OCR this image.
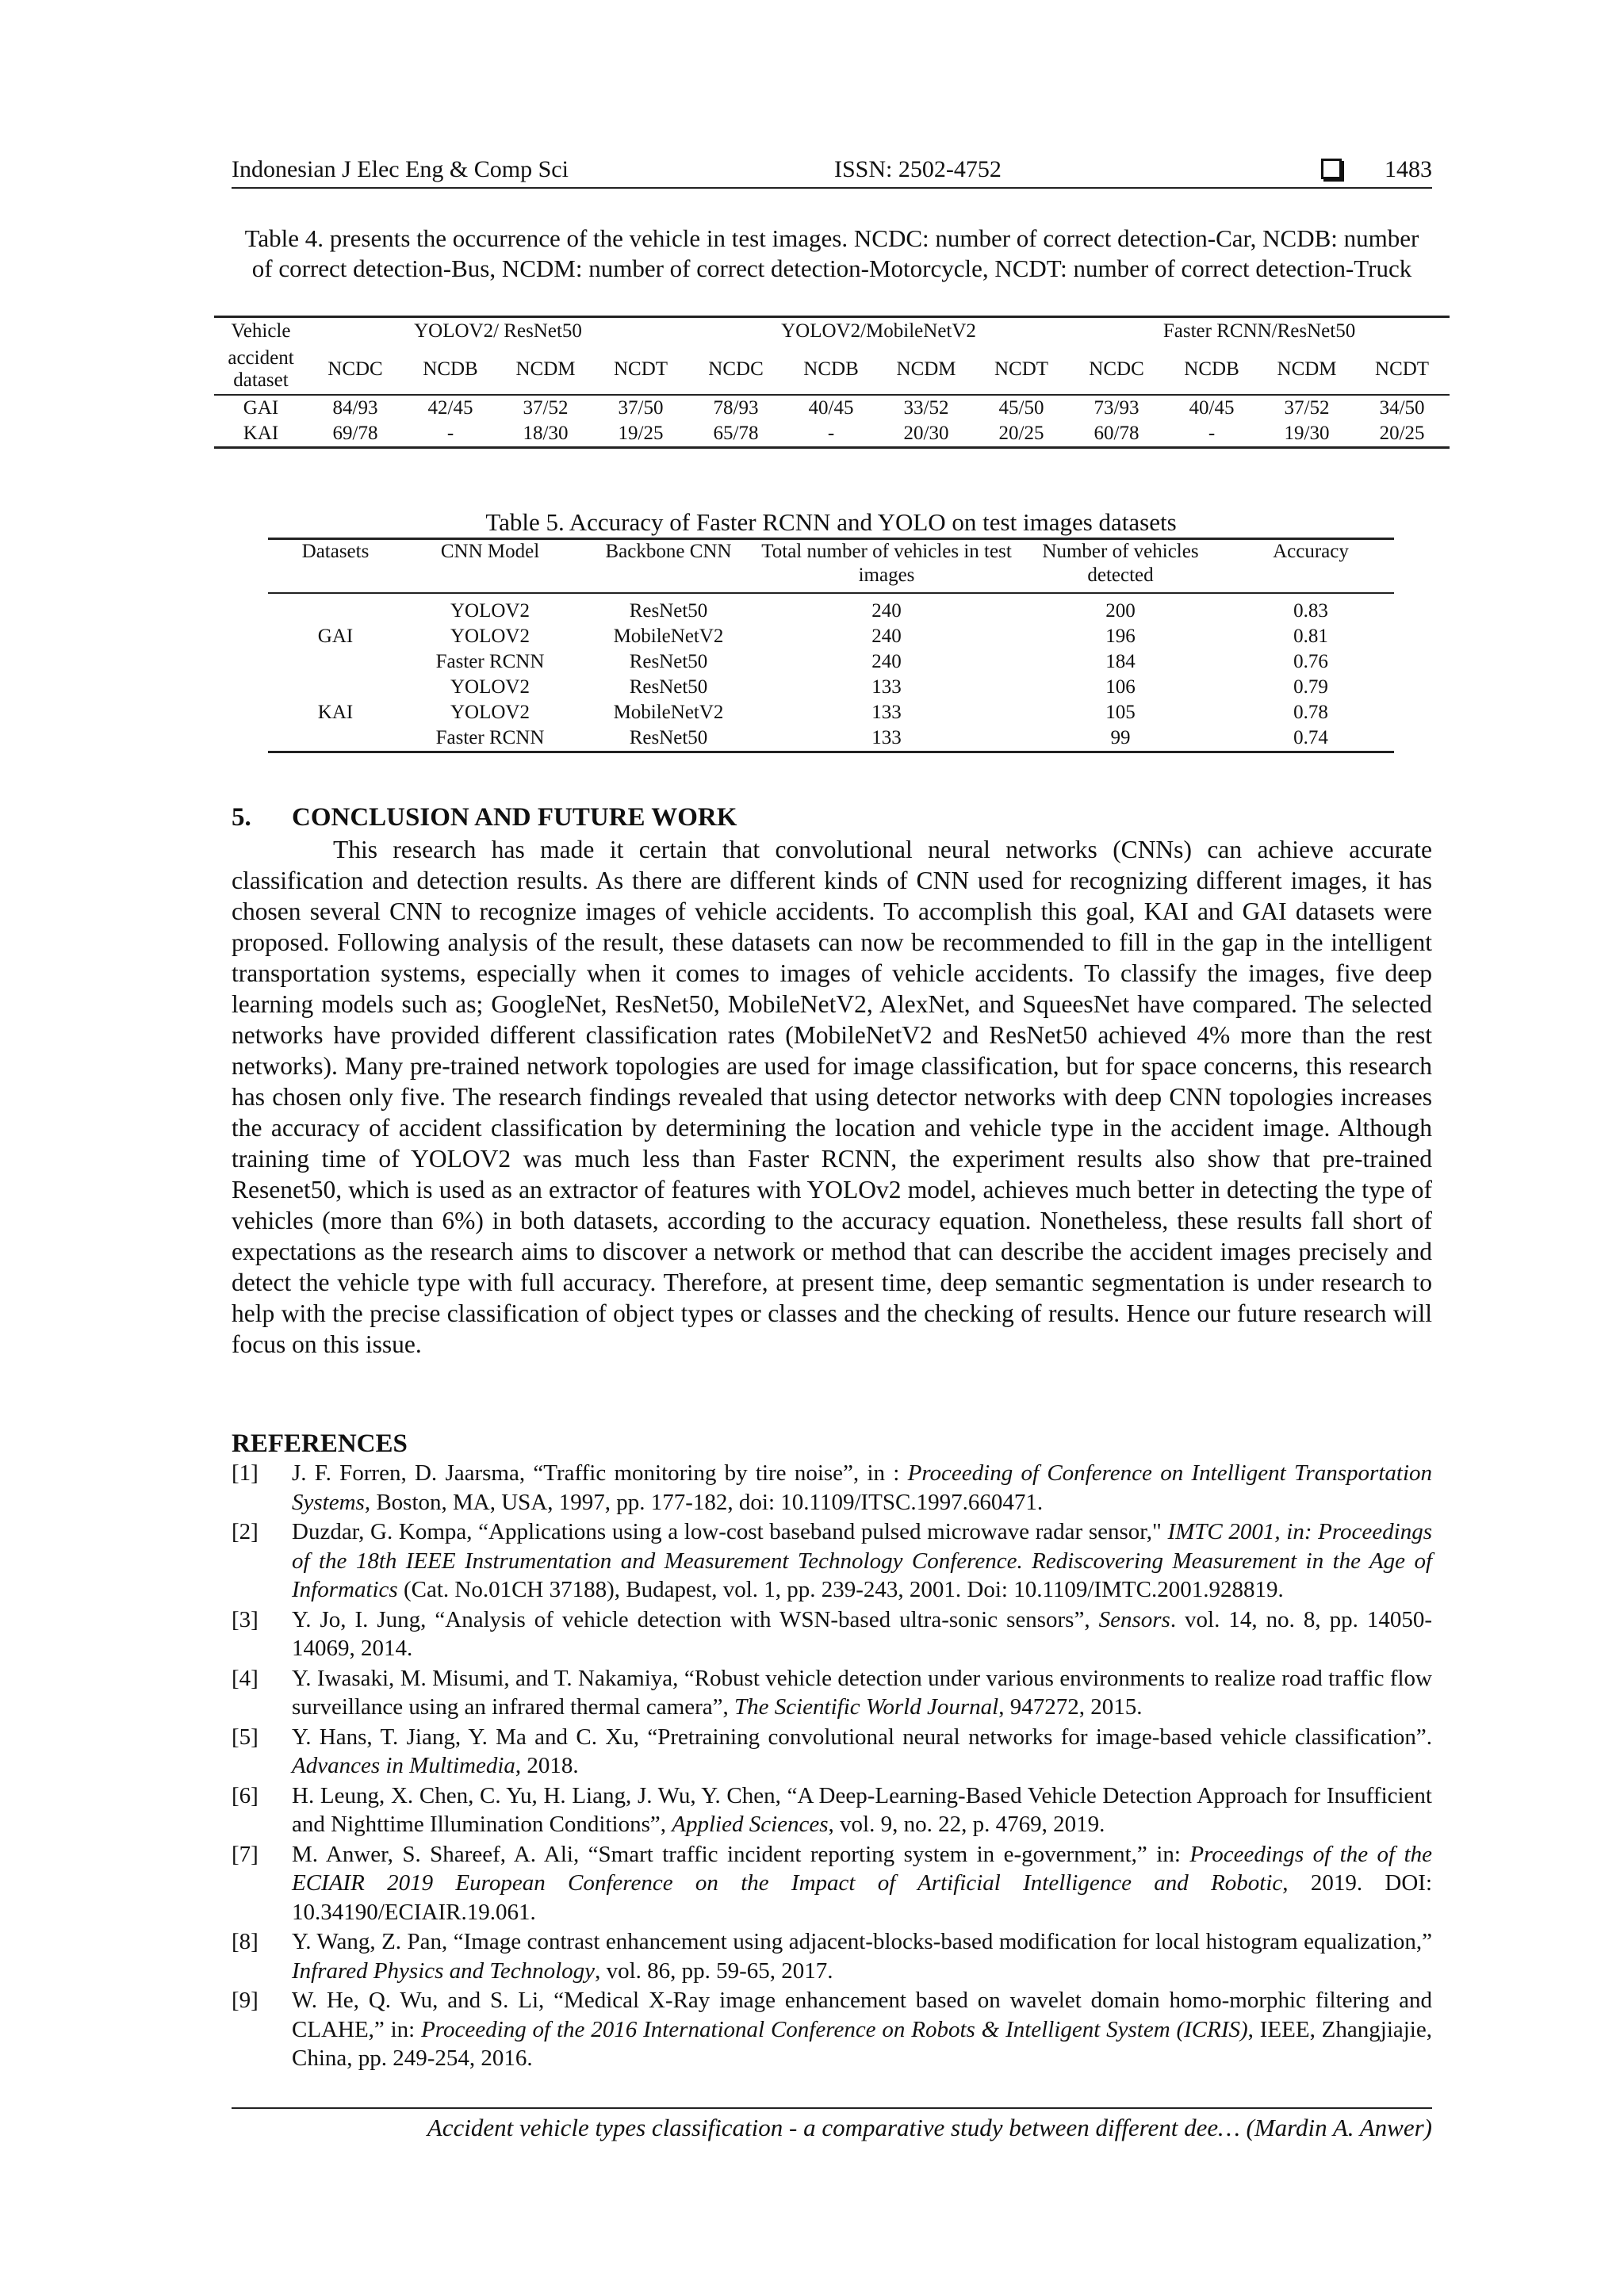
Indonesian J Elec Eng & Comp Sci	ISSN: 2502-4752	1483
Table 4. presents the occurrence of the vehicle in test images. NCDC: number of correct detection-Car, NCDB: number of correct detection-Bus, NCDM: number of correct detection-Motorcycle, NCDT: number of correct detection-Truck
Vehicle	YOLOV2/ ResNet50				YOLOV2/MobileNetV2				Faster RCNN/ResNet50			
accident dataset	NCDC	NCDB	NCDM	NCDT	NCDC	NCDB	NCDM	NCDT	NCDC	NCDB	NCDM	NCDT
GAI	84/93	42/45	37/52	37/50	78/93	40/45	33/52	45/50	73/93	40/45	37/52	34/50
KAI	69/78	-	18/30	19/25	65/78	-	20/30	20/25	60/78	-	19/30	20/25
Table 5. Accuracy of Faster RCNN and YOLO on test images datasets
Datasets	CNN Model	Backbone CNN	Total number of vehicles in test images	Number of vehicles detected	Accuracy
	YOLOV2	ResNet50	240	200	0.83
GAI	YOLOV2	MobileNetV2	240	196	0.81
	Faster RCNN	ResNet50	240	184	0.76
	YOLOV2	ResNet50	133	106	0.79
KAI	YOLOV2	MobileNetV2	133	105	0.78
	Faster RCNN	ResNet50	133	99	0.74
5. CONCLUSION AND FUTURE WORK

This research has made it certain that convolutional neural networks (CNNs) can achieve accurate classification and detection results. As there are different kinds of CNN used for recognizing different images, it has chosen several CNN to recognize images of vehicle accidents. To accomplish this goal, KAI and GAI datasets were proposed. Following analysis of the result, these datasets can now be recommended to fill in the gap in the intelligent transportation systems, especially when it comes to images of vehicle accidents. To classify the images, five deep learning models such as; GoogleNet, ResNet50, MobileNetV2, AlexNet, and SqueesNet have compared. The selected networks have provided different classification rates (MobileNetV2 and ResNet50 achieved 4% more than the rest networks). Many pre-trained network topologies are used for image classification, but for space concerns, this research has chosen only five. The research findings revealed that using detector networks with deep CNN topologies increases the accuracy of accident classification by determining the location and vehicle type in the accident image. Although training time of YOLOV2 was much less than Faster RCNN, the experiment results also show that pre-trained Resenet50, which is used as an extractor of features with YOLOv2 model, achieves much better in detecting the type of vehicles (more than 6%) in both datasets, according to the accuracy equation. Nonetheless, these results fall short of expectations as the research aims to discover a network or method that can describe the accident images precisely and detect the vehicle type with full accuracy. Therefore, at present time, deep semantic segmentation is under research to help with the precise classification of object types or classes and the checking of results. Hence our future research will focus on this issue.

REFERENCES
[1] J. F. Forren, D. Jaarsma, “Traffic monitoring by tire noise”, in : Proceeding of Conference on Intelligent Transportation Systems, Boston, MA, USA, 1997, pp. 177-182, doi: 10.1109/ITSC.1997.660471.
[2] Duzdar, G. Kompa, “Applications using a low-cost baseband pulsed microwave radar sensor," IMTC 2001, in: Proceedings of the 18th IEEE Instrumentation and Measurement Technology Conference. Rediscovering Measurement in the Age of Informatics (Cat. No.01CH 37188), Budapest, vol. 1, pp. 239-243, 2001. Doi: 10.1109/IMTC.2001.928819.
[3] Y. Jo, I. Jung, “Analysis of vehicle detection with WSN-based ultra-sonic sensors”, Sensors. vol. 14, no. 8, pp. 14050-14069, 2014.
[4] Y. Iwasaki, M. Misumi, and T. Nakamiya, “Robust vehicle detection under various environments to realize road traffic flow surveillance using an infrared thermal camera”, The Scientific World Journal, 947272, 2015.
[5] Y. Hans, T. Jiang, Y. Ma and C. Xu, “Pretraining convolutional neural networks for image-based vehicle classification”. Advances in Multimedia, 2018.
[6] H. Leung, X. Chen, C. Yu, H. Liang, J. Wu, Y. Chen, “A Deep-Learning-Based Vehicle Detection Approach for Insufficient and Nighttime Illumination Conditions”, Applied Sciences, vol. 9, no. 22, p. 4769, 2019.
[7] M. Anwer, S. Shareef, A. Ali, “Smart traffic incident reporting system in e-government,” in: Proceedings of the of the ECIAIR 2019 European Conference on the Impact of Artificial Intelligence and Robotic, 2019. DOI: 10.34190/ECIAIR.19.061.
[8] Y. Wang, Z. Pan, “Image contrast enhancement using adjacent-blocks-based modification for local histogram equalization,” Infrared Physics and Technology, vol. 86, pp. 59-65, 2017.
[9] W. He, Q. Wu, and S. Li, “Medical X-Ray image enhancement based on wavelet domain homo-morphic filtering and CLAHE,” in: Proceeding of the 2016 International Conference on Robots & Intelligent System (ICRIS), IEEE, Zhangjiajie, China, pp. 249-254, 2016.
Accident vehicle types classification - a comparative study between different dee… (Mardin A. Anwer)
